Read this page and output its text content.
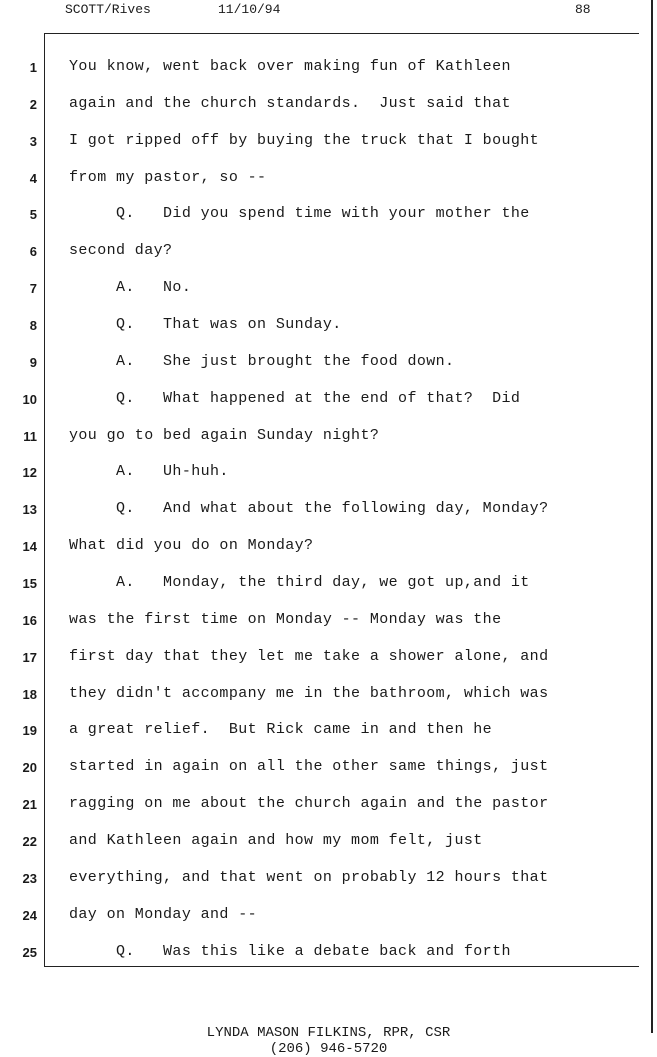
SCOTT/Rives	11/10/94	88
LYNDA MASON FILKINS, RPR, CSR
(206) 946-5720
1 You know, went back over making fun of Kathleen
2 again and the church standards.  Just said that
3 I got ripped off by buying the truck that I bought
4 from my pastor, so --
5 Q.   Did you spend time with your mother the
6 second day?
7 A.   No.
8 Q.   That was on Sunday.
9 A.   She just brought the food down.
10 Q.   What happened at the end of that?  Did
11 you go to bed again Sunday night?
12 A.   Uh-huh.
13 Q.   And what about the following day, Monday?
14 What did you do on Monday?
15 A.   Monday, the third day, we got up,and it
16 was the first time on Monday -- Monday was the
17 first day that they let me take a shower alone, and
18 they didn't accompany me in the bathroom, which was
19 a great relief.  But Rick came in and then he
20 started in again on all the other same things, just
21 ragging on me about the church again and the pastor
22 and Kathleen again and how my mom felt, just
23 everything, and that went on probably 12 hours that
24 day on Monday and --
25 Q.   Was this like a debate back and forth
